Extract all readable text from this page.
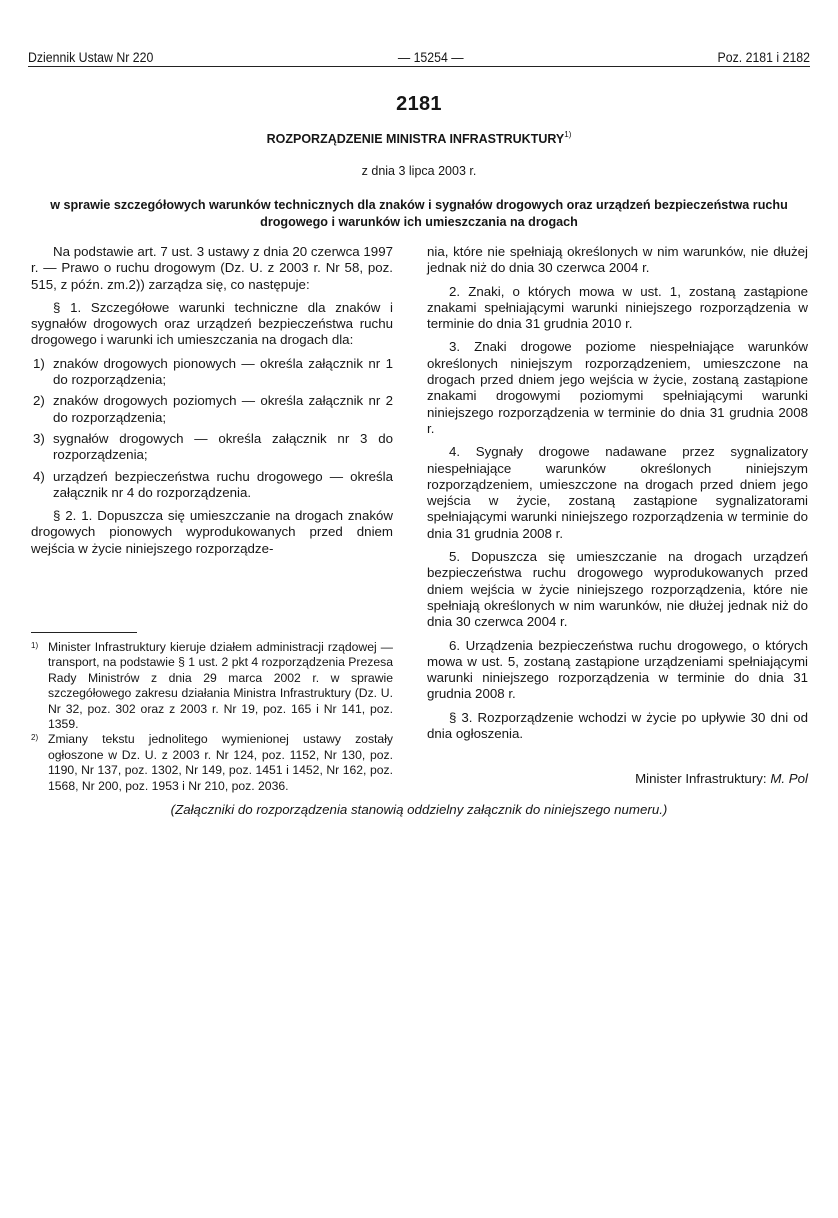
Dziennik Ustaw Nr 220	— 15254 —	Poz. 2181 i 2182
2181
ROZPORZĄDZENIE MINISTRA INFRASTRUKTURY$^{1)}$
z dnia 3 lipca 2003 r.
w sprawie szczegółowych warunków technicznych dla znaków i sygnałów drogowych oraz urządzeń bezpieczeństwa ruchu drogowego i warunków ich umieszczania na drogach

Na podstawie art. 7 ust. 3 ustawy z dnia 20 czerwca 1997 r. — Prawo o ruchu drogowym (Dz. U. z 2003 r. Nr 58, poz. 515, z późn. zm.2)) zarządza się, co następuje:

§ 1. Szczegółowe warunki techniczne dla znaków i sygnałów drogowych oraz urządzeń bezpieczeństwa ruchu drogowego i warunki ich umieszczania na drogach dla:

1) znaków drogowych pionowych — określa załącznik nr 1 do rozporządzenia;
2) znaków drogowych poziomych — określa załącznik nr 2 do rozporządzenia;
3) sygnałów drogowych — określa załącznik nr 3 do rozporządzenia;
4) urządzeń bezpieczeństwa ruchu drogowego — określa załącznik nr 4 do rozporządzenia.

§ 2. 1. Dopuszcza się umieszczanie na drogach znaków drogowych pionowych wyprodukowanych przed dniem wejścia w życie niniejszego rozporządze-

1) Minister Infrastruktury kieruje działem administracji rządowej — transport, na podstawie § 1 ust. 2 pkt 4 rozporządzenia Prezesa Rady Ministrów z dnia 29 marca 2002 r. w sprawie szczegółowego zakresu działania Ministra Infrastruktury (Dz. U. Nr 32, poz. 302 oraz z 2003 r. Nr 19, poz. 165 i Nr 141, poz. 1359.
2) Zmiany tekstu jednolitego wymienionej ustawy zostały ogłoszone w Dz. U. z 2003 r. Nr 124, poz. 1152, Nr 130, poz. 1190, Nr 137, poz. 1302, Nr 149, poz. 1451 i 1452, Nr 162, poz. 1568, Nr 200, poz. 1953 i Nr 210, poz. 2036.

nia, które nie spełniają określonych w nim warunków, nie dłużej jednak niż do dnia 30 czerwca 2004 r.

2. Znaki, o których mowa w ust. 1, zostaną zastąpione znakami spełniającymi warunki niniejszego rozporządzenia w terminie do dnia 31 grudnia 2010 r.

3. Znaki drogowe poziome niespełniające warunków określonych niniejszym rozporządzeniem, umieszczone na drogach przed dniem jego wejścia w życie, zostaną zastąpione znakami drogowymi poziomymi spełniającymi warunki niniejszego rozporządzenia w terminie do dnia 31 grudnia 2008 r.

4. Sygnały drogowe nadawane przez sygnalizatory niespełniające warunków określonych niniejszym rozporządzeniem, umieszczone na drogach przed dniem jego wejścia w życie, zostaną zastąpione sygnalizatorami spełniającymi warunki niniejszego rozporządzenia w terminie do dnia 31 grudnia 2008 r.

5. Dopuszcza się umieszczanie na drogach urządzeń bezpieczeństwa ruchu drogowego wyprodukowanych przed dniem wejścia w życie niniejszego rozporządzenia, które nie spełniają określonych w nim warunków, nie dłużej jednak niż do dnia 30 czerwca 2004 r.

6. Urządzenia bezpieczeństwa ruchu drogowego, o których mowa w ust. 5, zostaną zastąpione urządzeniami spełniającymi warunki niniejszego rozporządzenia w terminie do dnia 31 grudnia 2008 r.

§ 3. Rozporządzenie wchodzi w życie po upływie 30 dni od dnia ogłoszenia.

Minister Infrastruktury: M. Pol
(Załączniki do rozporządzenia stanowią oddzielny załącznik do niniejszego numeru.)
